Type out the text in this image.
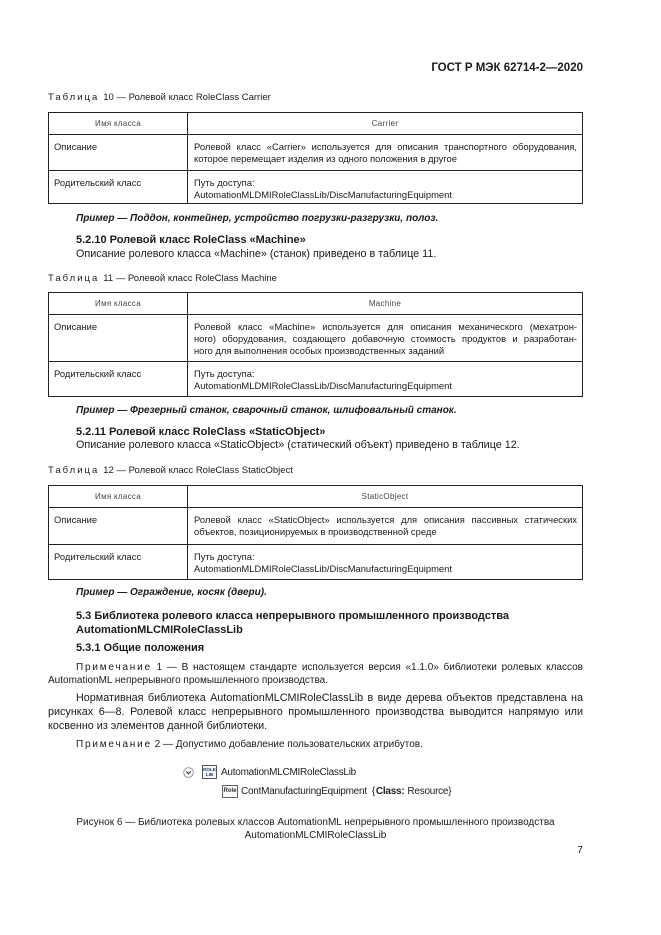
ГОСТ Р МЭК 62714-2—2020
Таблица 10 — Ролевой класс RoleClass Carrier
Имя класса	Carrier
Описание	Ролевой класс «Carrier» используется для описания транспортного оборудования,
которое перемещает изделия из одного положения в другое
Родительский класс	Путь доступа:
AutomationMLDMIRoleClassLib/DiscManufacturingEquipment
Пример — Поддон, контейнер, устройство погрузки-разгрузки, полоз.
5.2.10 Ролевой класс RoleClass «Machine»
Описание ролевого класса «Machine» (станок) приведено в таблице 11.
Таблица 11 — Ролевой класс RoleClass Machine
Имя класса	Machine
Описание	Ролевой класс «Machine» используется для описания механического (мехатрон-
ного) оборудования, создающего добавочную стоимость продуктов и разработан-
ного для выполнения особых производственных заданий
Родительский класс	Путь доступа:
AutomationMLDMIRoleClassLib/DiscManufacturingEquipment
Пример — Фрезерный станок, сварочный станок, шлифовальный станок.
5.2.11 Ролевой класс RoleClass «StaticObject»
Описание ролевого класса «StaticObject» (статический объект) приведено в таблице 12.
Таблица 12 — Ролевой класс RoleClass StaticObject
Имя класса	StaticObject
Описание	Ролевой класс «StaticObject» используется для описания пассивных статических
объектов, позиционируемых в производственной среде
Родительский класс	Путь доступа:
AutomationMLDMIRoleClassLib/DiscManufacturingEquipment
Пример — Ограждение, косяк (двери).
5.3 Библиотека ролевого класса непрерывного промышленного производства
AutomationMLCMIRoleClassLib
5.3.1 Общие положения
Примечание 1 — В настоящем стандарте используется версия «1.1.0» библиотеки ролевых классов
AutomationML непрерывного промышленного производства.
Нормативная библиотека AutomationMLCMIRoleClassLib в виде дерева объектов представлена на
рисунках 6—8. Ролевой класс непрерывного промышленного производства выводится напрямую или
косвенно из элементов данной библиотеки.
Примечание 2 — Допустимо добавление пользовательских атрибутов.
ROLE
LIB AutomationMLCMIRoleClassLib
Role ContManufacturingEquipment { Class: Resource }
Рисунок 6 — Библиотека ролевых классов AutomationML непрерывного промышленного производства
AutomationMLCMIRoleClassLib
7
